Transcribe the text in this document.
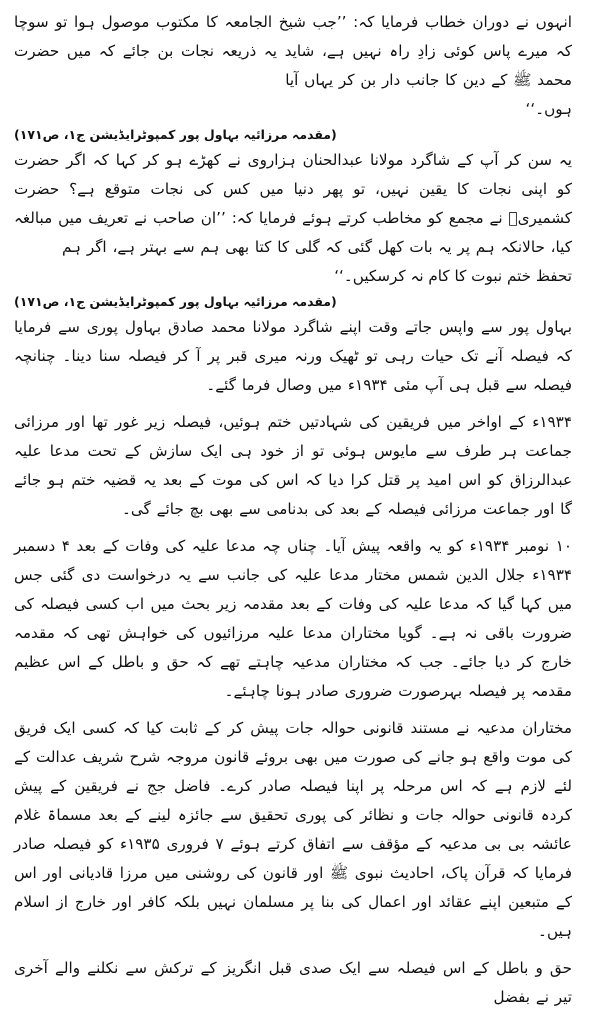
انہوں نے دوران خطاب فرمایا کہ: ’’جب شیخ الجامعہ کا مکتوب موصول ہوا تو سوچا کہ میرے پاس کوئی زادِ راہ نہیں ہے، شاید یہ ذریعہ نجات بن جائے کہ میں حضرت محمد ﷺ کے دین کا جانب دار بن کر یہاں آیا

ہوں۔‘‘

(مقدمہ مرزائیہ بہاول پور کمپوٹرایڈیشن ج۱، ص۱۷۱)

یہ سن کر آپ کے شاگرد مولانا عبدالحنان ہزاروی نے کھڑے ہو کر کہا کہ اگر حضرت کو اپنی نجات کا یقین نہیں، تو پھر دنیا میں کس کی نجات متوقع ہے؟ حضرت کشمیریؒ نے مجمع کو مخاطب کرتے ہوئے فرمایا کہ: ’’ان صاحب نے تعریف میں مبالغہ کیا، حالانکہ ہم پر یہ بات کھل گئی کہ گلی کا کتا بھی ہم سے بہتر ہے، اگر ہم

تحفظ ختم نبوت کا کام نہ کرسکیں۔‘‘
(مقدمہ مرزائیہ بہاول پور کمپوٹرایڈیشن ج۱، ص۱۷۱)

بہاول پور سے واپس جاتے وقت اپنے شاگرد مولانا محمد صادق بہاول پوری سے فرمایا کہ فیصلہ آنے تک حیات رہی تو ٹھیک ورنہ میری قبر پر آ کر فیصلہ سنا دینا۔ چنانچہ فیصلہ سے قبل ہی آپ مئی ۱۹۳۴ء میں وصال فرما گئے۔

۱۹۳۴ء کے اواخر میں فریقین کی شہادتیں ختم ہوئیں، فیصلہ زیر غور تھا اور مرزائی جماعت ہر طرف سے مایوس ہوئی تو از خود ہی ایک سازش کے تحت مدعا علیہ عبدالرزاق کو اس امید پر قتل کرا دیا کہ اس کی موت کے بعد یہ قضیہ ختم ہو جائے گا اور جماعت مرزائی فیصلہ کے بعد کی بدنامی سے بھی بچ جائے گی۔

۱۰ نومبر ۱۹۳۴ء کو یہ واقعہ پیش آیا۔ چناں چہ مدعا علیہ کی وفات کے بعد ۴ دسمبر ۱۹۳۴ء جلال الدین شمس مختار مدعا علیہ کی جانب سے یہ درخواست دی گئی جس میں کہا گیا کہ مدعا علیہ کی وفات کے بعد مقدمہ زیر بحث میں اب کسی فیصلہ کی ضرورت باقی نہ ہے۔ گویا مختاران مدعا علیہ مرزائیوں کی خواہش تھی کہ مقدمہ خارج کر دیا جائے۔ جب کہ مختاران مدعیہ چاہتے تھے کہ حق و باطل کے اس عظیم مقدمہ پر فیصلہ بہرصورت ضروری صادر ہونا چاہئے۔

مختاران مدعیہ نے مستند قانونی حوالہ جات پیش کر کے ثابت کیا کہ کسی ایک فریق کی موت واقع ہو جانے کی صورت میں بھی بروئے قانون مروجہ شرح شریف عدالت کے لئے لازم ہے کہ اس مرحلہ پر اپنا فیصلہ صادر کرے۔ فاضل جج نے فریقین کے پیش کردہ قانونی حوالہ جات و نظائر کی پوری تحقیق سے جائزہ لینے کے بعد مسماۃ غلام عائشہ بی بی مدعیہ کے مؤقف سے اتفاق کرتے ہوئے ۷ فروری ۱۹۳۵ء کو فیصلہ صادر فرمایا کہ قرآن پاک، احادیث نبوی ﷺ اور قانون کی روشنی میں مرزا قادیانی اور اس کے متبعین اپنے عقائد اور اعمال کی بنا پر مسلمان نہیں بلکہ کافر اور خارج از اسلام ہیں۔

حق و باطل کے اس فیصلہ سے ایک صدی قبل انگریز کے ترکش سے نکلنے والے آخری تیر نے بفضل
